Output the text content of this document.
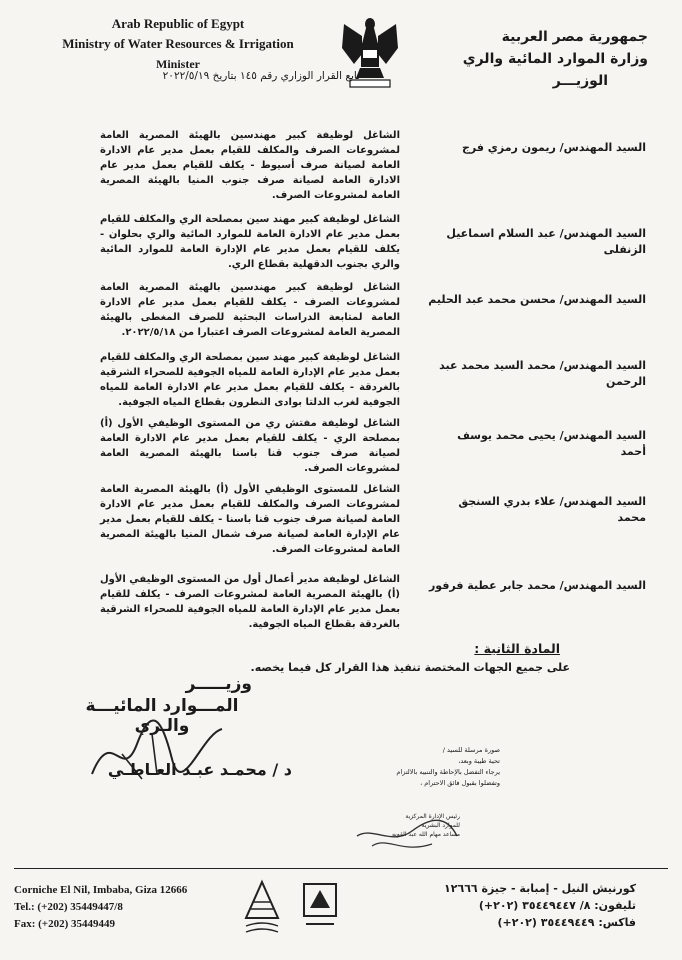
Arab Republic of Egypt
Ministry of Water Resources & Irrigation
Minister
جمهورية مصر العربية
وزارة الموارد المائية والري
الوزيـــر
تابع القرار الوزاري رقم ١٤٥ بتاريخ ٢٠٢٢/٥/١٩
السيد المهندس/ ريمون رمزي فرج
الشاغل لوظيفة كبير مهندسين بالهيئة المصرية العامة لمشروعات الصرف والمكلف للقيام بعمل مدير عام الادارة العامة لصيانة صرف أسيوط - يكلف للقيام بعمل مدير عام الادارة العامة لصيانة صرف جنوب المنيا بالهيئة المصرية العامة لمشروعات الصرف.
السيد المهندس/ عبد السلام اسماعيل الزنفلى
الشاغل لوظيفة كبير مهند سين بمصلحة الري والمكلف للقيام بعمل مدير عام الادارة العامة للموارد المائية والري بحلوان - يكلف للقيام بعمل مدير عام الإدارة العامة للموارد المائية والري بجنوب الدقهلية بقطاع الري.
السيد المهندس/ محسن محمد عبد الحليم
الشاغل لوظيفة كبير مهندسين بالهيئة المصرية العامة لمشروعات الصرف - يكلف للقيام بعمل مدير عام الادارة العامة لمتابعة الدراسات البحثية للصرف المغطى بالهيئة المصرية العامة لمشروعات الصرف اعتبارا من ٢٠٢٢/٥/١٨.
السيد المهندس/ محمد السيد محمد عبد الرحمن
الشاغل لوظيفة كبير مهند سين بمصلحة الري والمكلف للقيام بعمل مدير عام الإدارة العامة للمياه الجوفية للصحراء الشرقية بالغردقة - يكلف للقيام بعمل مدير عام الادارة العامة للمياه الجوفية لغرب الدلتا بوادى النطرون بقطاع المياه الجوفية.
السيد المهندس/ يحيى محمد يوسف أحمد
الشاغل لوظيفة مفتش ري من المستوى الوظيفي الأول (أ) بمصلحة الري - يكلف للقيام بعمل مدير عام الادارة العامة لصيانة صرف جنوب قنا باسنا بالهيئة المصرية العامة لمشروعات الصرف.
السيد المهندس/ علاء بدري السنجق محمد
الشاغل للمستوى الوظيفي الأول (أ) بالهيئة المصرية العامة لمشروعات الصرف والمكلف للقيام بعمل مدير عام الادارة العامة لصيانة صرف جنوب قنا باسنا - يكلف للقيام بعمل مدير عام الإدارة العامة لصيانة صرف شمال المنيا بالهيئة المصرية العامة لمشروعات الصرف.
السيد المهندس/ محمد جابر عطية فرفور
الشاغل لوظيفة مدير أعمال أول من المستوى الوظيفي الأول (أ) بالهيئة المصرية العامة لمشروعات الصرف - يكلف للقيام بعمل مدير عام الإدارة العامة للمياه الجوفية للصحراء الشرقية بالغردقة بقطاع المياه الجوفية.
المادة الثانية :
على جميع الجهات المختصة تنفيذ هذا القرار كل فيما يخصه.
وزيـــــر
المـــوارد المائيـــة والـري
د / محمـد عبـد العـاطـي
صورة مرسلة للسيد /
تحية طيبة وبعد،
يرجاء التفضل بالإحاطة والتنبيه بالالتزام
وتفضلوا بقبول فائق الاحترام ،
رئيس الإدارة المركزية
للموارد البشرية
مساعد مهام الله عبد القويه
Corniche El Nil, Imbaba, Giza 12666
Tel.: (+202) 35449447/8
Fax: (+202) 35449449
كورنيش النيل - إمبابة - جيزة ١٢٦٦٦
تليفون: ٨/ ٣٥٤٤٩٤٤٧ (٢٠٢+)
فاكس: ٣٥٤٤٩٤٤٩ (٢٠٢+)
